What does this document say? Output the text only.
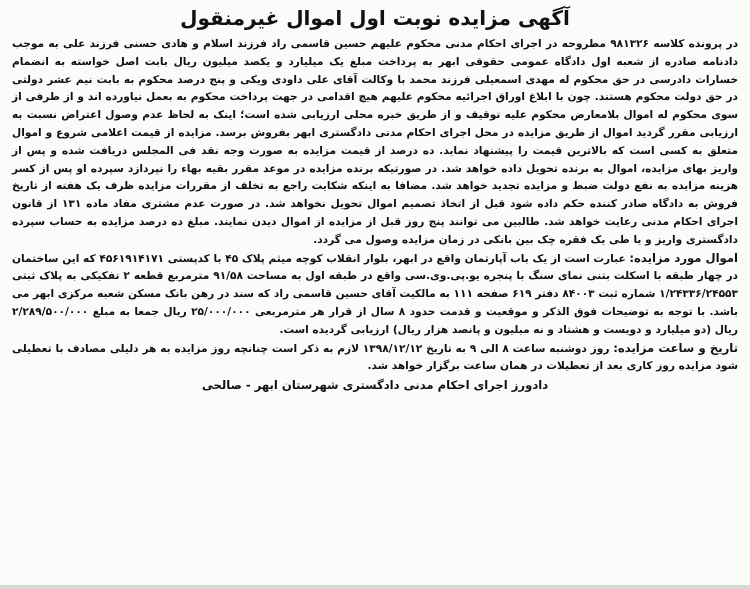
آگهی مزایده نوبت اول اموال غیرمنقول

در پرونده کلاسه ۹۸۱۳۲۶ مطروحه در اجرای احکام مدنی محکوم علیهم حسین قاسمی راد فرزند اسلام و هادی حسنی فرزند علی به موجب دادنامه صادره از شعبه اول دادگاه عمومی حقوقی ابهر به پرداخت مبلغ یک میلیارد و یکصد میلیون ریال بابت اصل خواسته به انضمام خسارات دادرسی در حق محکوم له مهدی اسمعیلی فرزند محمد با وکالت آقای علی داودی ویکی و پنج درصد محکوم به بابت نیم عشر دولتی در حق دولت محکوم هستند. چون با ابلاغ اوراق اجرائیه محکوم علیهم هیچ اقدامی در جهت پرداخت محکوم به بعمل نیاورده اند و از طرفی از سوی محکوم له اموال بلامعارض محکوم علیه توقیف و از طریق خبره محلی ارزیابی شده است؛ اینک به لحاظ عدم وصول اعتراض نسبت به ارزیابی مقرر گردید اموال از طریق مزایده در محل اجرای احکام مدنی دادگستری ابهر بفروش برسد. مزایده از قیمت اعلامی شروع و اموال متعلق به کسی است که بالاترین قیمت را پیشنهاد نماید. ده درصد از قیمت مزایده به صورت وجه نقد فی المجلس دریافت شده و پس از واریز بهای مزایده، اموال به برنده تحویل داده خواهد شد. در صورتیکه برنده مزایده در موعد مقرر بقیه بهاء را نپردازد سپرده او پس از کسر هزینه مزایده به نفع دولت ضبط و مزایده تجدید خواهد شد. مضافا به اینکه شکایت راجع به تخلف از مقررات مزایده ظرف یک هفته از تاریخ فروش به دادگاه صادر کننده حکم داده شود قبل از اتخاذ تصمیم اموال تحویل نخواهد شد. در صورت عدم مشتری مفاد ماده ۱۳۱ از قانون اجرای احکام مدنی رعایت خواهد شد. طالبین می توانند پنج روز قبل از مزایده از اموال دیدن نمایند. مبلغ ده درصد مزایده به حساب سپرده دادگستری واریز و یا طی یک فقره چک بین بانکی در زمان مزایده وصول می گردد.

اموال مورد مزایده: عبارت است از یک باب آپارتمان واقع در ابهر، بلوار انقلاب کوچه میثم پلاک ۴۵ با کدپستی ۴۵۶۱۹۱۴۱۷۱ که این ساختمان در چهار طبقه با اسکلت بتنی نمای سنگ با پنجره یو.پی.وی.سی واقع در طبقه اول به مساحت ۹۱/۵۸ مترمربع قطعه ۲ تفکیکی به پلاک ثبتی ۱/۲۴۳۳۶/۲۴۵۵۳ شماره ثبت ۸۴۰۰۳ دفتر ۶۱۹ صفحه ۱۱۱ به مالکیت آقای حسین قاسمی راد که سند در رهن بانک مسکن شعبه مرکزی ابهر می باشد. با توجه به توضیحات فوق الذکر و موقعیت و قدمت حدود ۸ سال از قرار هر مترمربعی ۲۵/۰۰۰/۰۰۰ ریال جمعا به مبلغ ۲/۲۸۹/۵۰۰/۰۰۰ ریال (دو میلیارد و دویست و هشتاد و نه میلیون و پانصد هزار ریال) ارزیابی گردیده است.

تاریخ و ساعت مزایده: روز دوشنبه ساعت ۸ الی ۹ به تاریخ ۱۳۹۸/۱۲/۱۲ لازم به ذکر است چنانچه روز مزایده به هر دلیلی مصادف با تعطیلی شود مزایده روز کاری بعد از تعطیلات در همان ساعت برگزار خواهد شد.

دادورز اجرای احکام مدنی دادگستری شهرستان ابهر - صالحی
